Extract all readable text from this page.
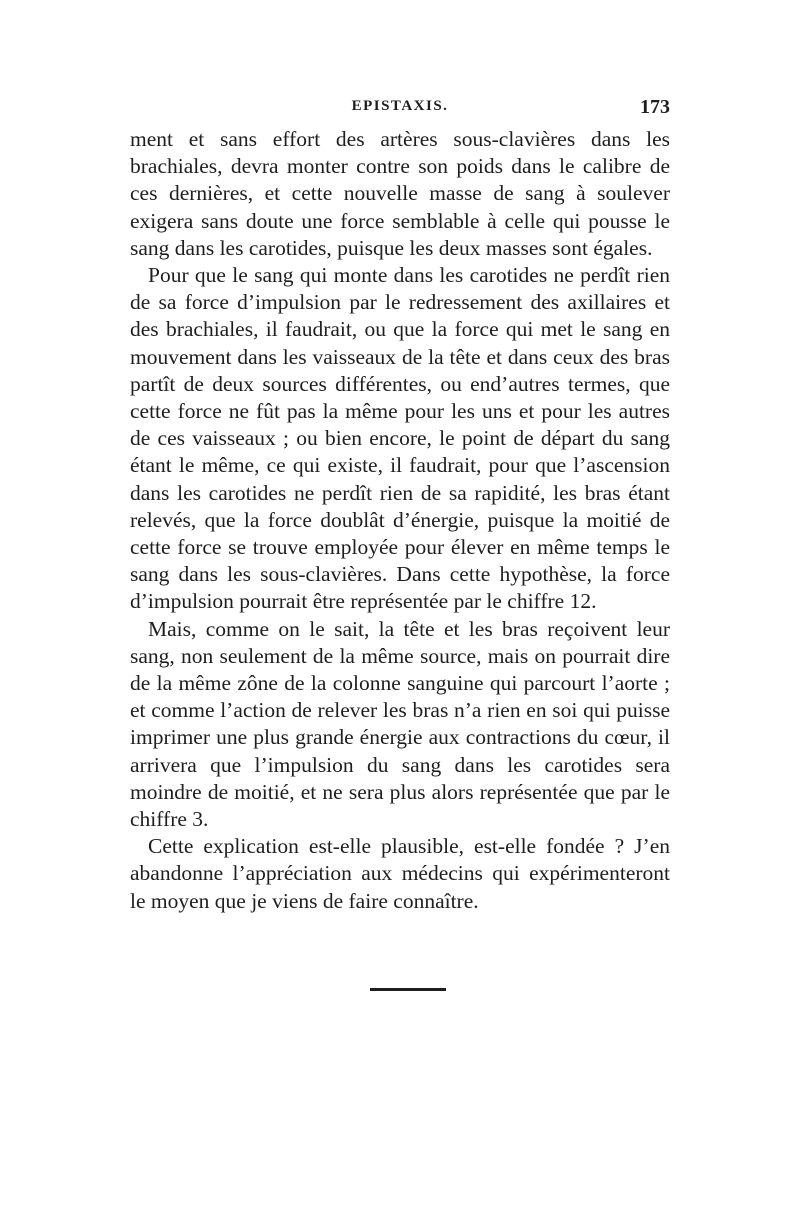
EPISTAXIS.	173

ment et sans effort des artères sous-clavières dans les brachiales, devra monter contre son poids dans le calibre de ces dernières, et cette nouvelle masse de sang à soulever exigera sans doute une force semblable à celle qui pousse le sang dans les carotides, puisque les deux masses sont égales.

Pour que le sang qui monte dans les carotides ne perdît rien de sa force d’impulsion par le redressement des axillaires et des brachiales, il faudrait, ou que la force qui met le sang en mouvement dans les vaisseaux de la tête et dans ceux des bras partît de deux sources différentes, ou end’autres termes, que cette force ne fût pas la même pour les uns et pour les autres de ces vaisseaux ; ou bien encore, le point de départ du sang étant le même, ce qui existe, il faudrait, pour que l’ascension dans les carotides ne perdît rien de sa rapidité, les bras étant relevés, que la force doublât d’énergie, puisque la moitié de cette force se trouve employée pour élever en même temps le sang dans les sous-clavières. Dans cette hypothèse, la force d’impulsion pourrait être représentée par le chiffre 12.

Mais, comme on le sait, la tête et les bras reçoivent leur sang, non seulement de la même source, mais on pourrait dire de la même zône de la colonne sanguine qui parcourt l’aorte ; et comme l’action de relever les bras n’a rien en soi qui puisse imprimer une plus grande énergie aux contractions du cœur, il arrivera que l’impulsion du sang dans les carotides sera moindre de moitié, et ne sera plus alors représentée que par le chiffre 3.

Cette explication est-elle plausible, est-elle fondée ? J’en abandonne l’appréciation aux médecins qui expérimenteront le moyen que je viens de faire connaître.
